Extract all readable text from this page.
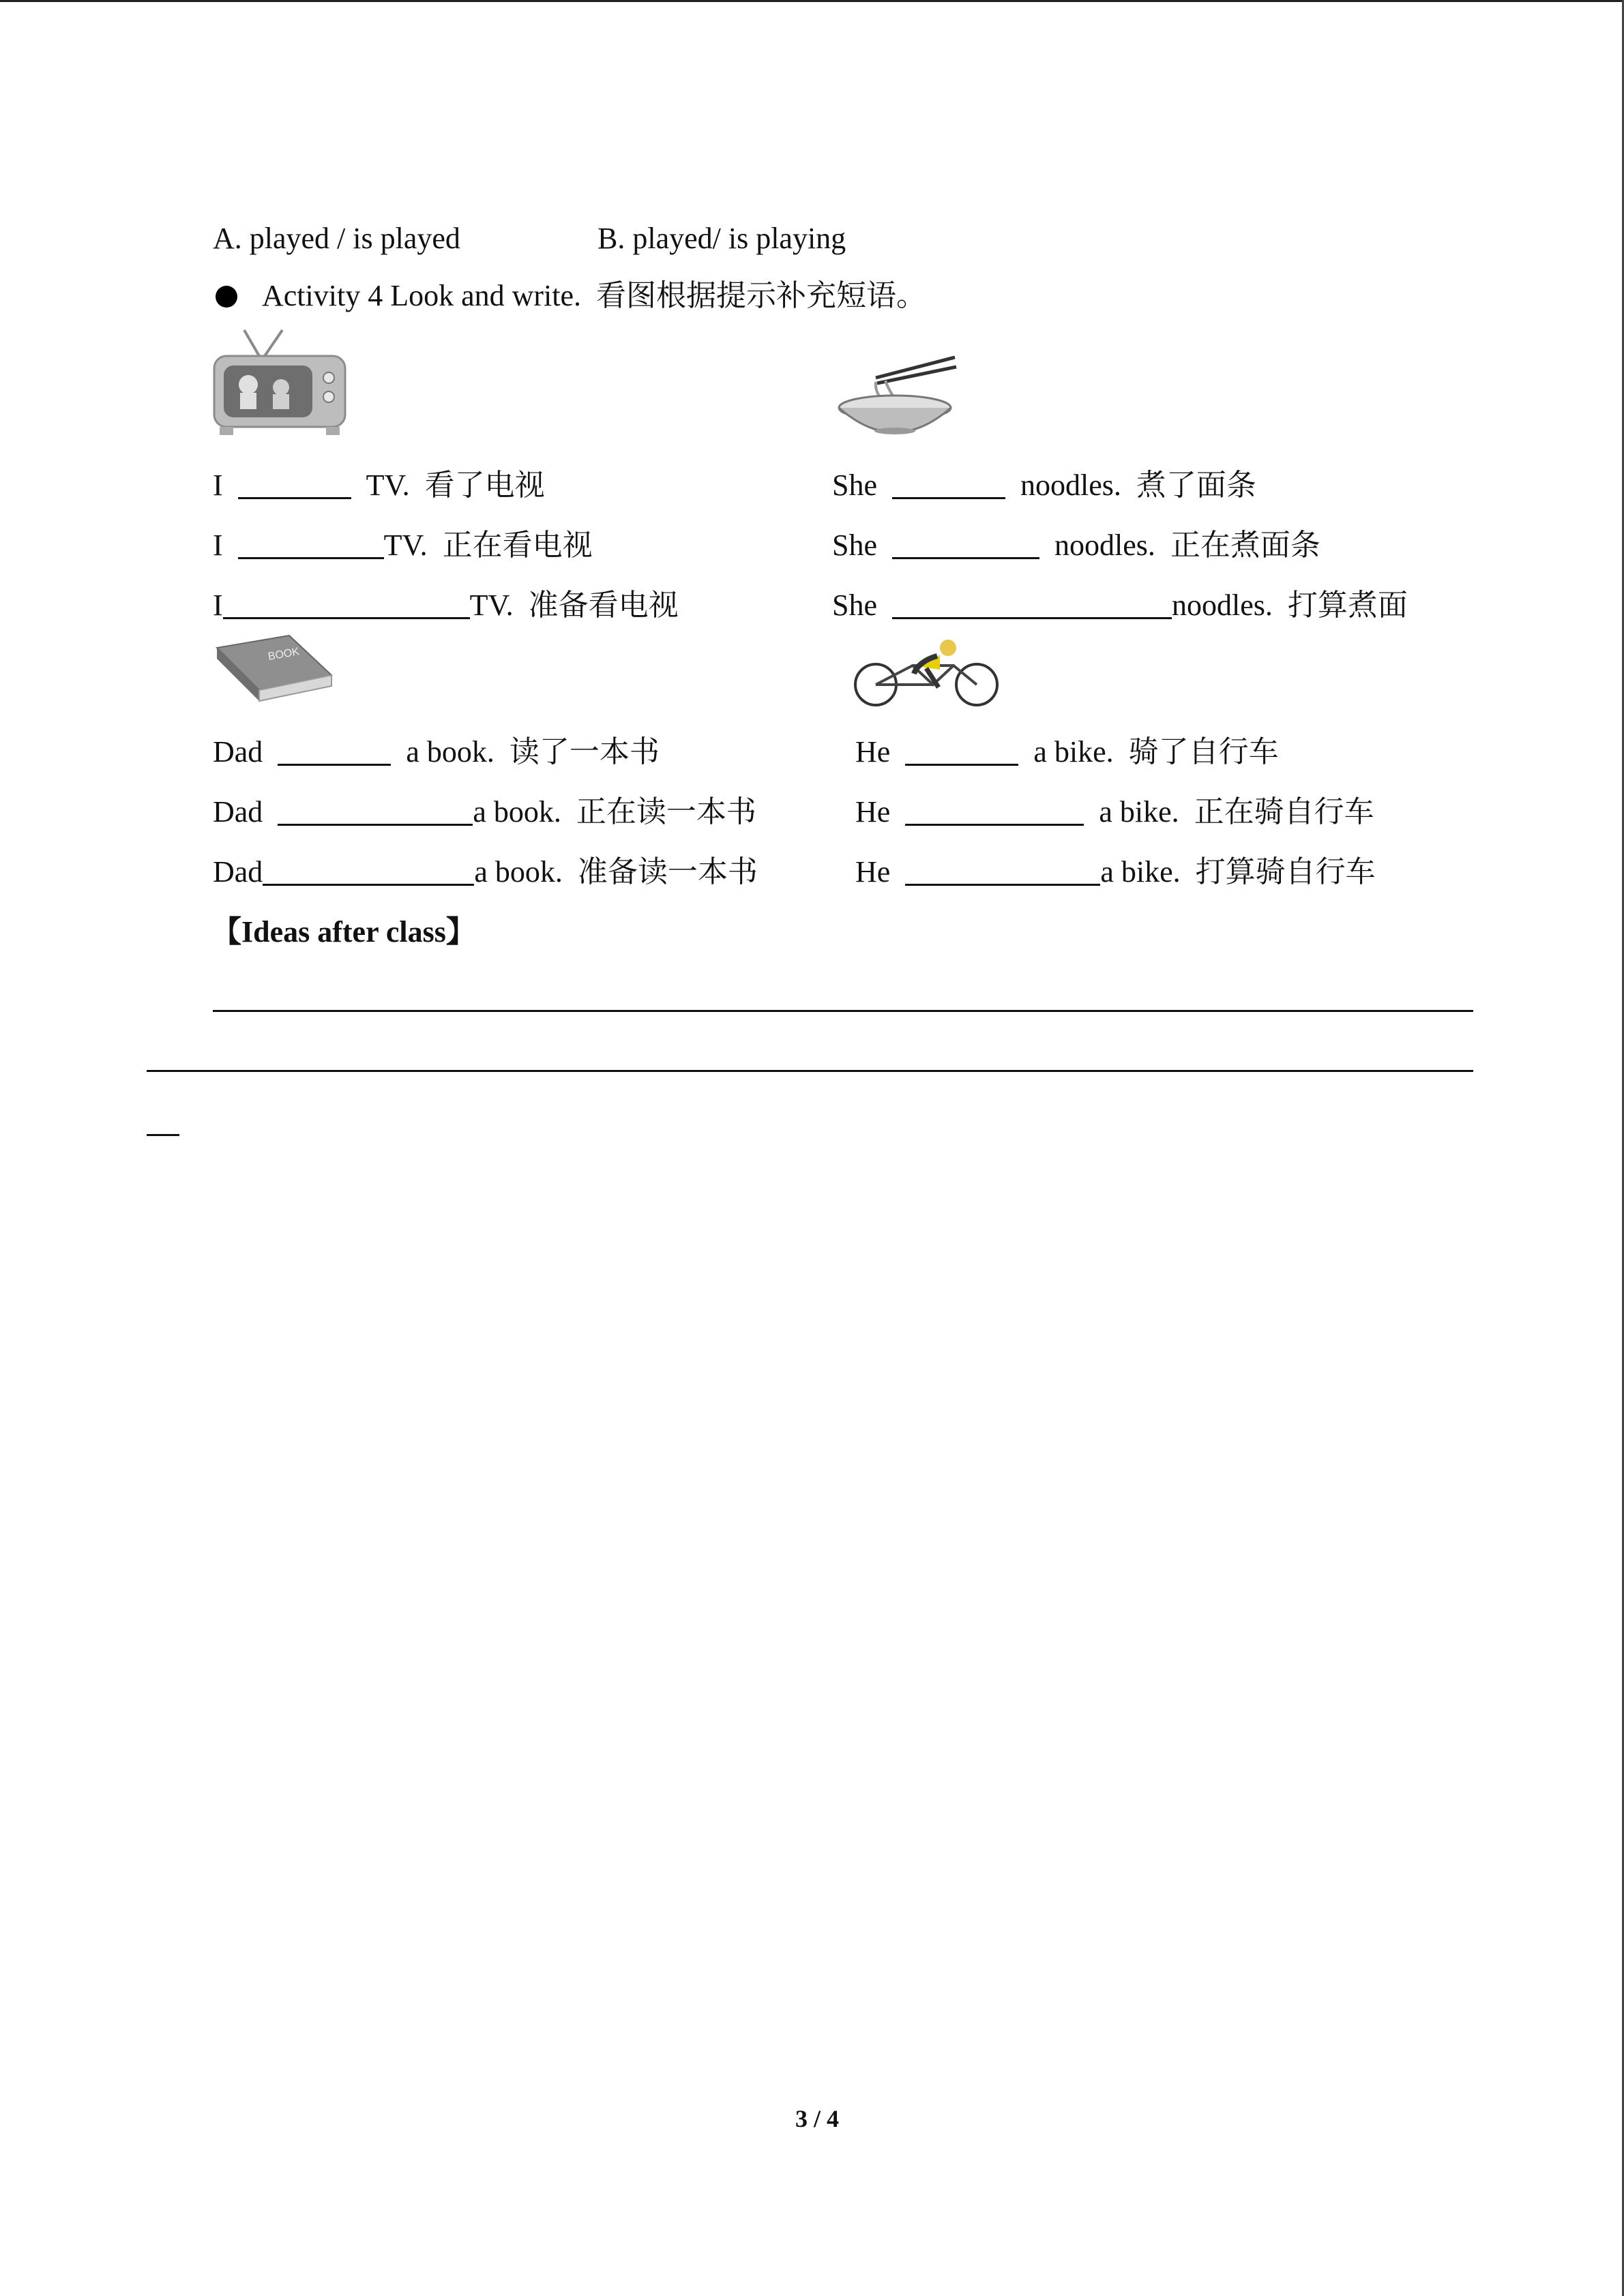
A. played / is played	B. played/ is playing
Activity 4 Look and write. 看图根据提示补充短语。
I	TV. 看了电视
I	TV. 正在看电视
I	TV. 准备看电视
She	noodles. 煮了面条
She	noodles. 正在煮面条
She	noodles. 打算煮面
BOOK
Dad	a book. 读了一本书
Dad	a book. 正在读一本书
Dad	a book. 准备读一本书
He	a bike. 骑了自行车
He	a bike. 正在骑自行车
He	a bike. 打算骑自行车
【Ideas after class】
3 / 4
